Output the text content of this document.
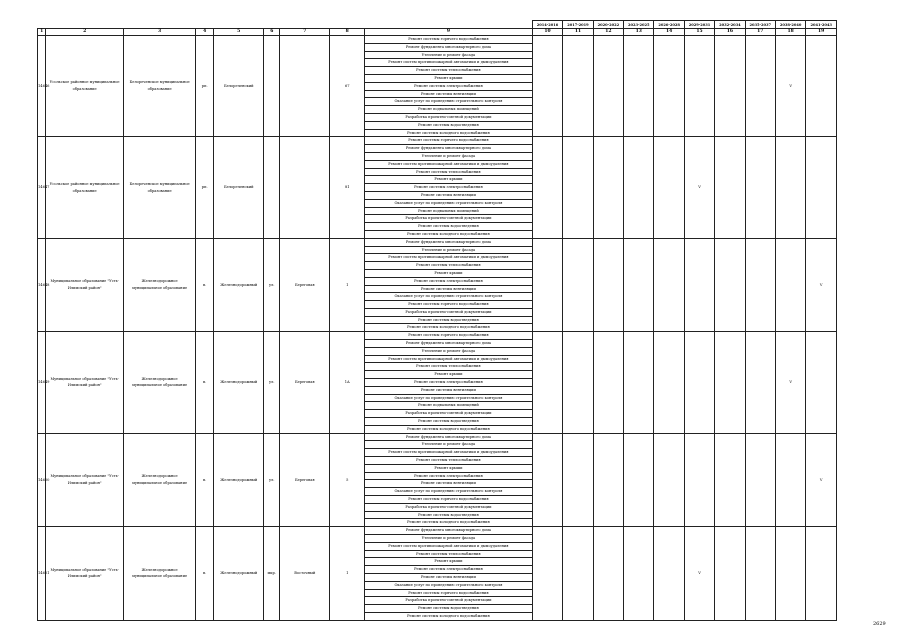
									2014-2016	2017-2019	2020-2022	2023-2025	2026-2028	2029-2031	2032-2034	2035-2037	2038-2040	2041-2043
1	2	3	4	5	6	7	8	9	10	11	12	13	14	15	16	17	18	19
14646	Усольское районное муниципальное образование	Белореченское муниципальное образование	рп.	Белореченский			67	Ремонт системы горячего водоснабжения									V	
								Ремонт фундамента многоквартирного дома										
								Утепление и ремонт фасада										
								Ремонт систем противопожарной автоматики и дымоудаления										
								Ремонт системы теплоснабжения										
								Ремонт крыши										
								Ремонт системы электроснабжения										
								Ремонт системы вентиляции										
								Оказание услуг по проведению строительного контроля										
								Ремонт подвальных помещений										
								Разработка проектно-сметной документации										
								Ремонт системы водоотведения										
								Ремонт системы холодного водоснабжения										
14647	Усольское районное муниципальное образование	Белореченское муниципальное образование	рп.	Белореченский			81	Ремонт системы горячего водоснабжения						V				
								Ремонт фундамента многоквартирного дома										
								Утепление и ремонт фасада										
								Ремонт систем противопожарной автоматики и дымоудаления										
								Ремонт системы теплоснабжения										
								Ремонт крыши										
								Ремонт системы электроснабжения										
								Ремонт системы вентиляции										
								Оказание услуг по проведению строительного контроля										
								Ремонт подвальных помещений										
								Разработка проектно-сметной документации										
								Ремонт системы водоотведения										
								Ремонт системы холодного водоснабжения										
14648	Муниципальное образование "Усть-Илимский район"	Железнодорожное муниципальное образование	п.	Железнодорожный	ул.	Береговая	1	Ремонт фундамента многоквартирного дома										V
								Утепление и ремонт фасада										
								Ремонт систем противопожарной автоматики и дымоудаления										
								Ремонт системы теплоснабжения										
								Ремонт крыши										
								Ремонт системы электроснабжения										
								Ремонт системы вентиляции										
								Оказание услуг по проведению строительного контроля										
								Ремонт системы горячего водоснабжения										
								Разработка проектно-сметной документации										
								Ремонт системы водоотведения										
								Ремонт системы холодного водоснабжения										
14649	Муниципальное образование "Усть-Илимский район"	Железнодорожное муниципальное образование	п.	Железнодорожный	ул.	Береговая	1А	Ремонт системы горячего водоснабжения									V	
								Ремонт фундамента многоквартирного дома										
								Утепление и ремонт фасада										
								Ремонт систем противопожарной автоматики и дымоудаления										
								Ремонт системы теплоснабжения										
								Ремонт крыши										
								Ремонт системы электроснабжения										
								Ремонт системы вентиляции										
								Оказание услуг по проведению строительного контроля										
								Ремонт подвальных помещений										
								Разработка проектно-сметной документации										
								Ремонт системы водоотведения										
								Ремонт системы холодного водоснабжения										
14650	Муниципальное образование "Усть-Илимский район"	Железнодорожное муниципальное образование	п.	Железнодорожный	ул.	Береговая	5	Ремонт фундамента многоквартирного дома										V
								Утепление и ремонт фасада										
								Ремонт систем противопожарной автоматики и дымоудаления										
								Ремонт системы теплоснабжения										
								Ремонт крыши										
								Ремонт системы электроснабжения										
								Ремонт системы вентиляции										
								Оказание услуг по проведению строительного контроля										
								Ремонт системы горячего водоснабжения										
								Разработка проектно-сметной документации										
								Ремонт системы водоотведения										
								Ремонт системы холодного водоснабжения										
14651	Муниципальное образование "Усть-Илимский район"	Железнодорожное муниципальное образование	п.	Железнодорожный	мкр.	Восточный	1	Ремонт фундамента многоквартирного дома						V				
								Утепление и ремонт фасада										
								Ремонт систем противопожарной автоматики и дымоудаления										
								Ремонт системы теплоснабжения										
								Ремонт крыши										
								Ремонт системы электроснабжения										
								Ремонт системы вентиляции										
								Оказание услуг по проведению строительного контроля										
								Ремонт системы горячего водоснабжения										
								Разработка проектно-сметной документации										
								Ремонт системы водоотведения										
								Ремонт системы холодного водоснабжения										
2629
